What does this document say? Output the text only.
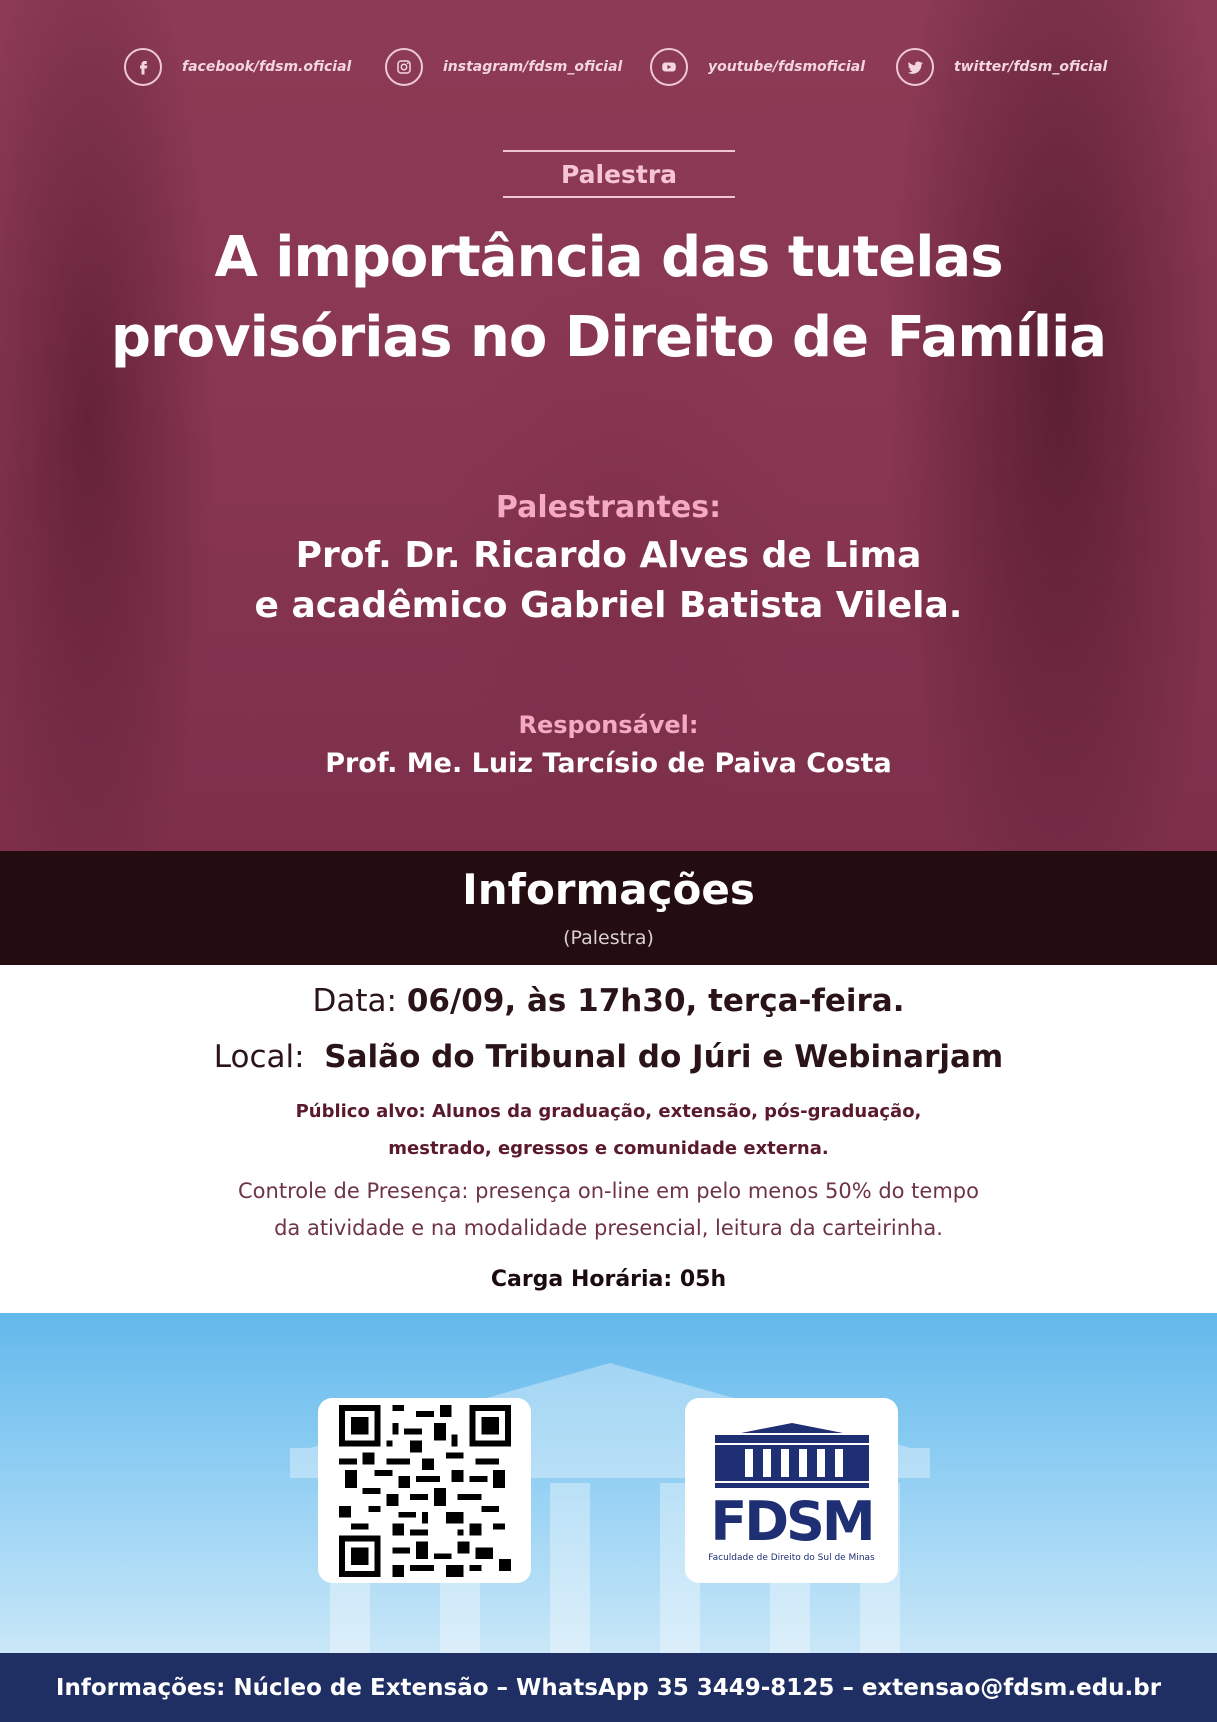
facebook/fdsm.oficial	instagram/fdsm_oficial	youtube/fdsmoficial	twitter/fdsm_oficial
Palestra
A importância das tutelas
provisórias no Direito de Família
Palestrantes:
Prof. Dr. Ricardo Alves de Lima
e acadêmico Gabriel Batista Vilela.
Responsável:
Prof. Me. Luiz Tarcísio de Paiva Costa
Informações
(Palestra)
Data: 06/09, às 17h30, terça-feira.
Local: Salão do Tribunal do Júri e Webinarjam
Público alvo: Alunos da graduação, extensão, pós-graduação,
mestrado, egressos e comunidade externa.
Controle de Presença: presença on-line em pelo menos 50% do tempo
da atividade e na modalidade presencial, leitura da carteirinha.
Carga Horária: 05h
FDSM
Faculdade de Direito do Sul de Minas
Informações: Núcleo de Extensão – WhatsApp 35 3449-8125 – extensao@fdsm.edu.br
